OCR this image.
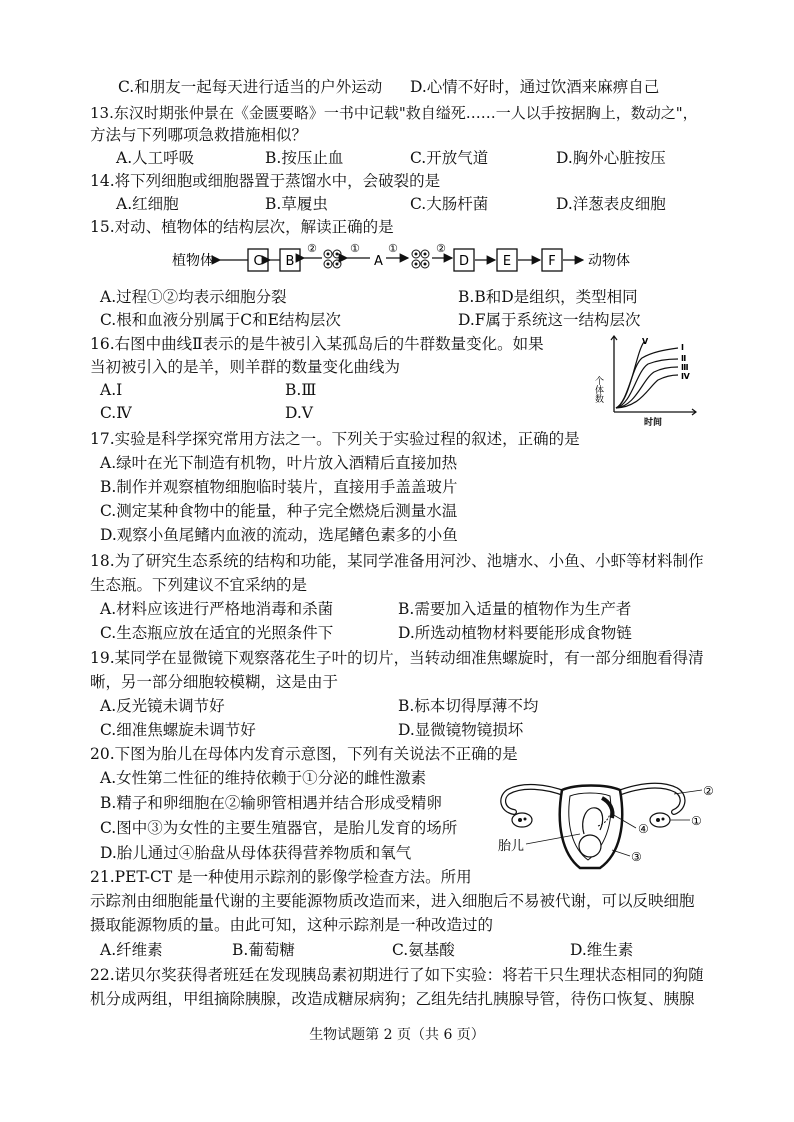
C.和朋友一起每天进行适当的户外运动 D.心情不好时，通过饮酒来麻痹自己
13.东汉时期张仲景在《金匮要略》一书中记载"救自缢死……一人以手按据胸上，数动之"，
方法与下列哪项急救措施相似？
A.人工呼吸	B.按压止血	C.开放气道	D.胸外心脏按压
14.将下列细胞或细胞器置于蒸馏水中，会破裂的是
A.红细胞	B.草履虫	C.大肠杆菌	D.洋葱表皮细胞
15.对动、植物体的结构层次，解读正确的是
植物体	C B
②	①
A
①	②
D	E	F 动物体
A.过程①②均表示细胞分裂	B.B和D是组织，类型相同
C.根和血液分别属于C和E结构层次	D.F属于系统这一结构层次
16.右图中曲线Ⅱ表示的是牛被引入某孤岛后的牛群数量变化。如果
当初被引入的是羊，则羊群的数量变化曲线为
A.Ⅰ	B.Ⅲ
C.Ⅳ	D.Ⅴ
个体数
时间
Ⅴ
Ⅰ
Ⅱ
Ⅲ
Ⅳ
17.实验是科学探究常用方法之一。下列关于实验过程的叙述，正确的是
A.绿叶在光下制造有机物，叶片放入酒精后直接加热
B.制作并观察植物细胞临时装片，直接用手盖盖玻片
C.测定某种食物中的能量，种子完全燃烧后测量水温
D.观察小鱼尾鳍内血液的流动，选尾鳍色素多的小鱼
18.为了研究生态系统的结构和功能，某同学准备用河沙、池塘水、小鱼、小虾等材料制作
生态瓶。下列建议不宜采纳的是
A.材料应该进行严格地消毒和杀菌	B.需要加入适量的植物作为生产者
C.生态瓶应放在适宜的光照条件下	D.所选动植物材料要能形成食物链
19.某同学在显微镜下观察落花生子叶的切片，当转动细准焦螺旋时，有一部分细胞看得清
晰，另一部分细胞较模糊，这是由于
A.反光镜未调节好	B.标本切得厚薄不均
C.细准焦螺旋未调节好	D.显微镜物镜损坏
20.下图为胎儿在母体内发育示意图，下列有关说法不正确的是
A.女性第二性征的维持依赖于①分泌的雌性激素
B.精子和卵细胞在②输卵管相遇并结合形成受精卵
C.图中③为女性的主要生殖器官，是胎儿发育的场所
D.胎儿通过④胎盘从母体获得营养物质和氧气
②
①
④
③
胎儿
21.PET-CT 是一种使用示踪剂的影像学检查方法。所用
示踪剂由细胞能量代谢的主要能源物质改造而来，进入细胞后不易被代谢，可以反映细胞
摄取能源物质的量。由此可知，这种示踪剂是一种改造过的
A.纤维素	B.葡萄糖	C.氨基酸	D.维生素
22.诺贝尔奖获得者班廷在发现胰岛素初期进行了如下实验：将若干只生理状态相同的狗随
机分成两组，甲组摘除胰腺，改造成糖尿病狗；乙组先结扎胰腺导管，待伤口恢复、胰腺
生物试题第 2 页（共 6 页）
